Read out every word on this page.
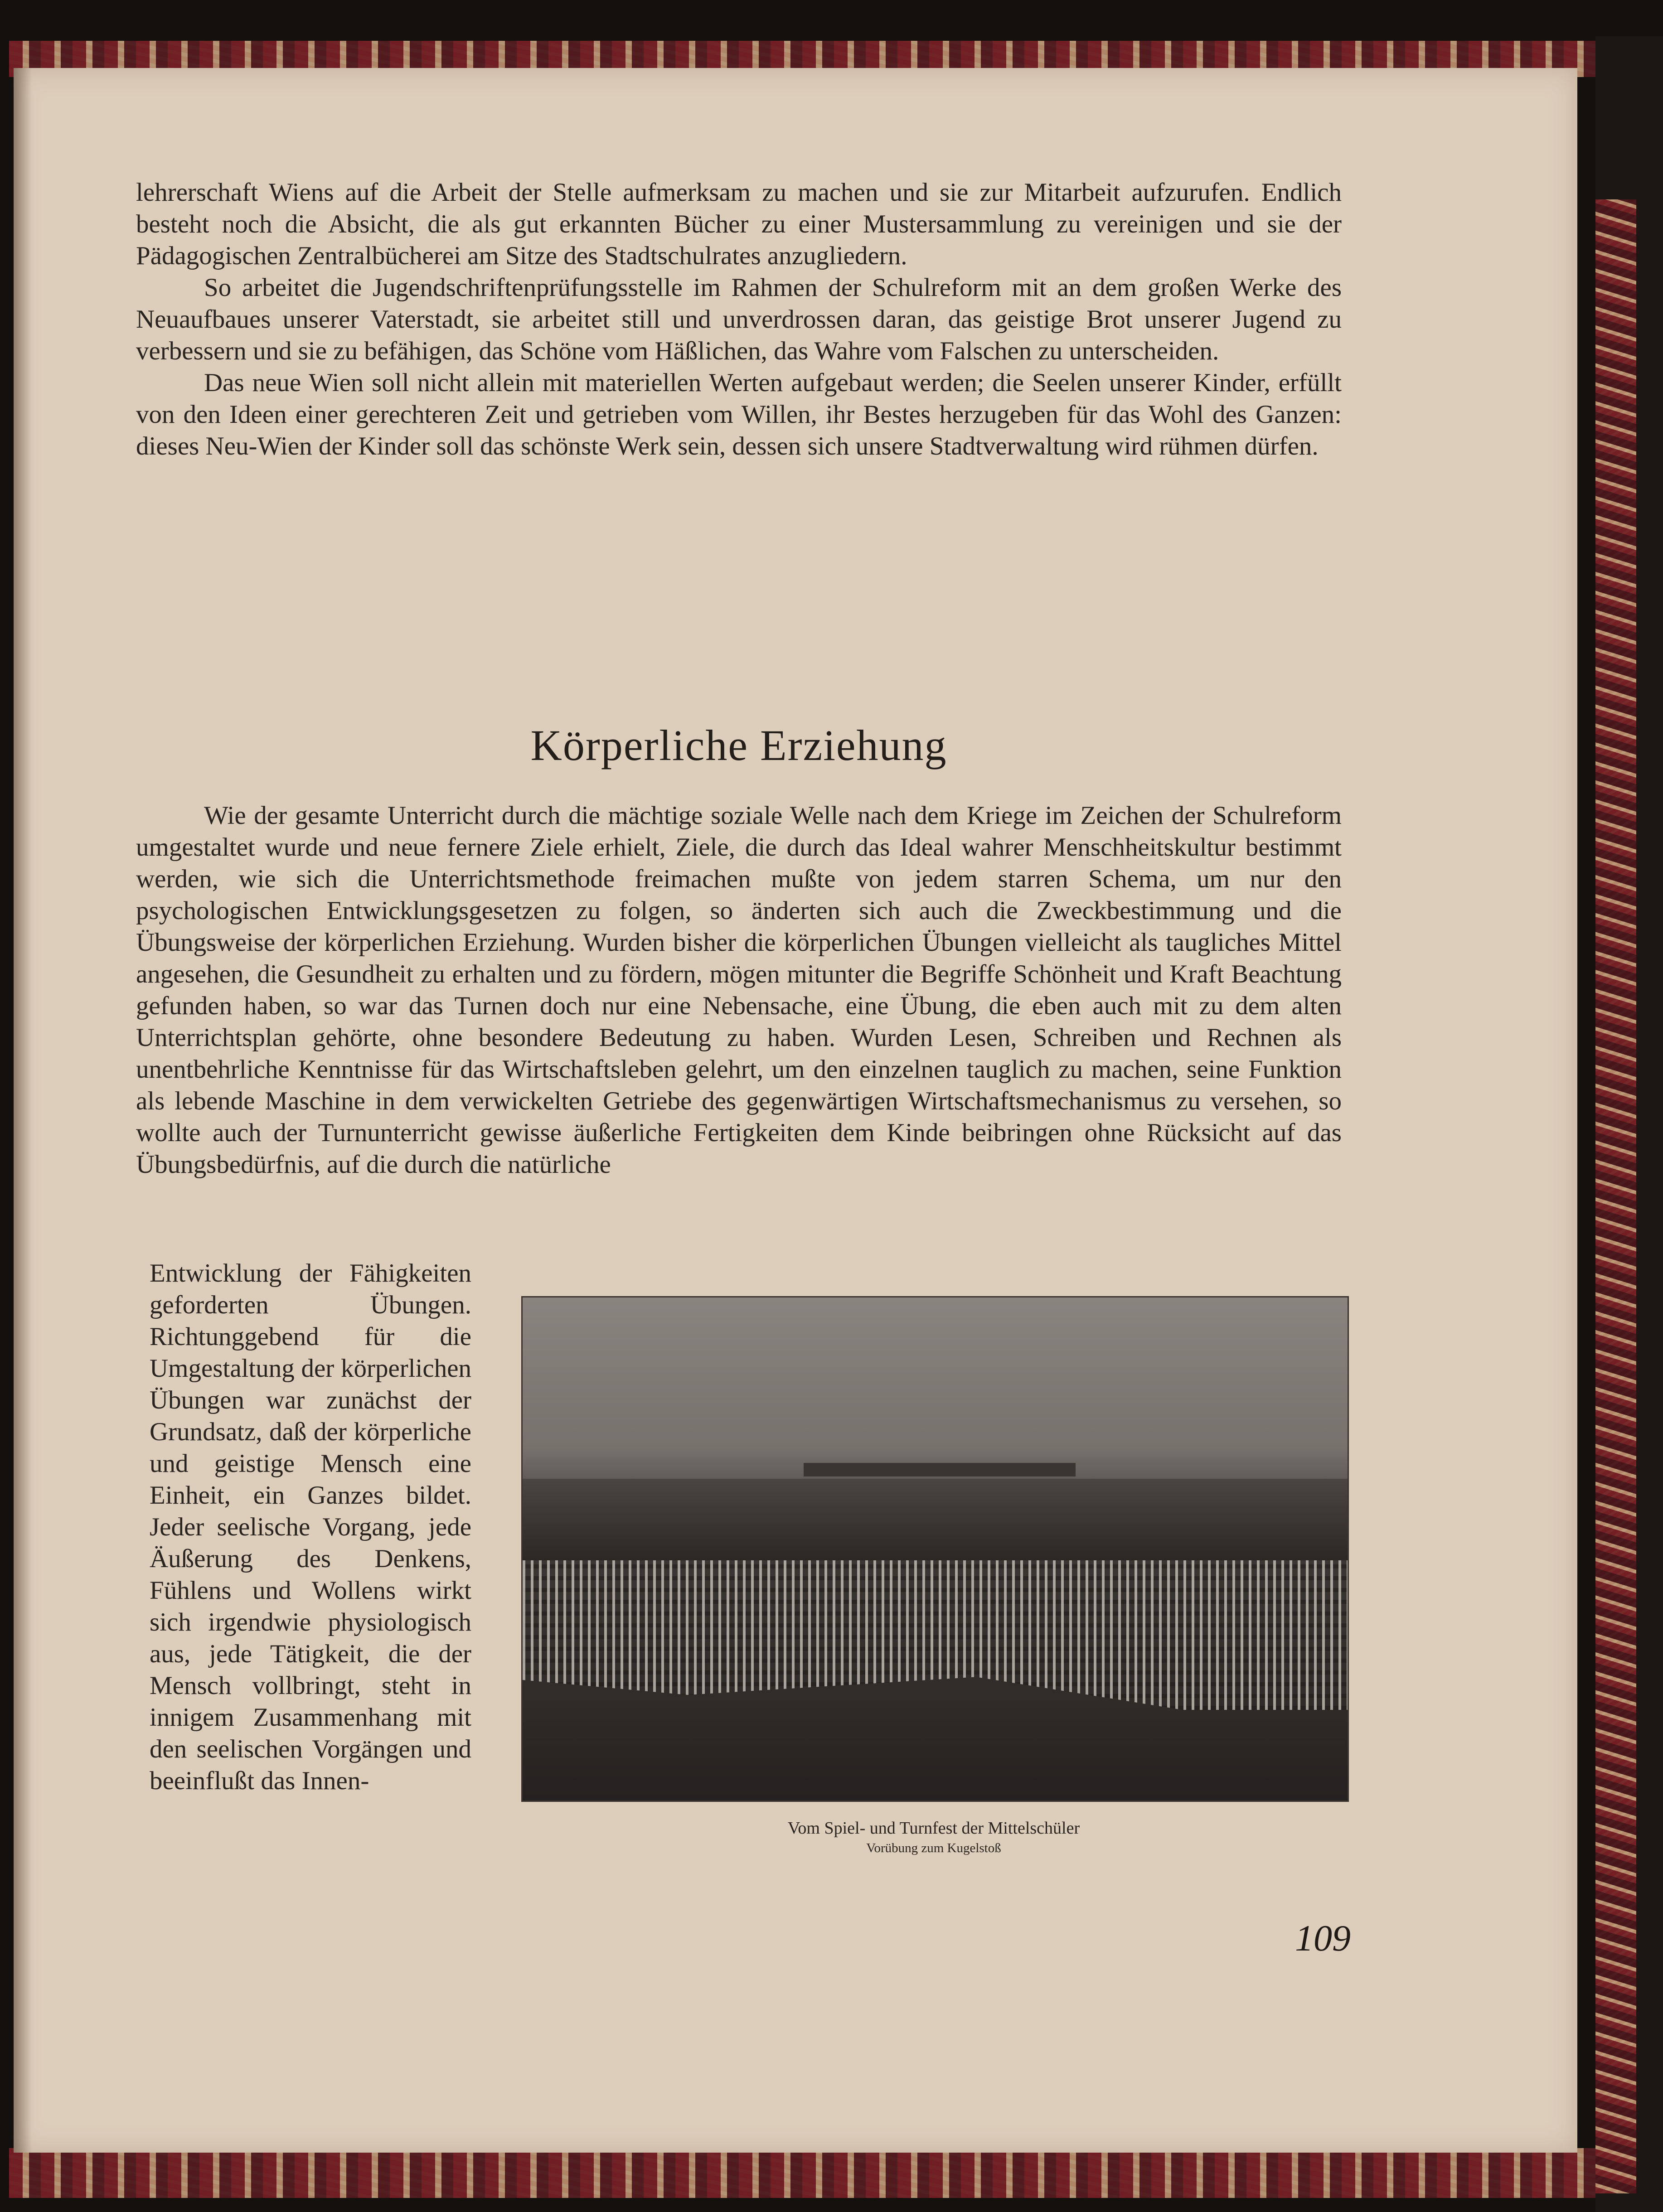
lehrerschaft Wiens auf die Arbeit der Stelle aufmerksam zu machen und sie zur Mitarbeit aufzurufen. Endlich besteht noch die Absicht, die als gut erkannten Bücher zu einer Mustersammlung zu vereinigen und sie der Pädagogischen Zentralbücherei am Sitze des Stadtschulrates anzugliedern.

So arbeitet die Jugendschriftenprüfungsstelle im Rahmen der Schulreform mit an dem großen Werke des Neuaufbaues unserer Vaterstadt, sie arbeitet still und unverdrossen daran, das geistige Brot unserer Jugend zu verbessern und sie zu befähigen, das Schöne vom Häßlichen, das Wahre vom Falschen zu unterscheiden.

Das neue Wien soll nicht allein mit materiellen Werten aufgebaut werden; die Seelen unserer Kinder, erfüllt von den Ideen einer gerechteren Zeit und getrieben vom Willen, ihr Bestes herzugeben für das Wohl des Ganzen: dieses Neu-Wien der Kinder soll das schönste Werk sein, dessen sich unsere Stadtverwaltung wird rühmen dürfen.

Körperliche Erziehung

Wie der gesamte Unterricht durch die mächtige soziale Welle nach dem Kriege im Zeichen der Schulreform umgestaltet wurde und neue fernere Ziele erhielt, Ziele, die durch das Ideal wahrer Menschheitskultur bestimmt werden, wie sich die Unterrichtsmethode freimachen mußte von jedem starren Schema, um nur den psychologischen Entwicklungsgesetzen zu folgen, so änderten sich auch die Zweckbestimmung und die Übungsweise der körperlichen Erziehung. Wurden bisher die körperlichen Übungen vielleicht als taugliches Mittel angesehen, die Gesundheit zu erhalten und zu fördern, mögen mitunter die Begriffe Schönheit und Kraft Beachtung gefunden haben, so war das Turnen doch nur eine Nebensache, eine Übung, die eben auch mit zu dem alten Unterrichtsplan gehörte, ohne besondere Bedeutung zu haben. Wurden Lesen, Schreiben und Rechnen als unentbehrliche Kenntnisse für das Wirtschaftsleben gelehrt, um den einzelnen tauglich zu machen, seine Funktion als lebende Maschine in dem verwickelten Getriebe des gegenwärtigen Wirtschaftsmechanismus zu versehen, so wollte auch der Turnunterricht gewisse äußerliche Fertigkeiten dem Kinde beibringen ohne Rücksicht auf das Übungsbedürfnis, auf die durch die natürliche

Entwicklung der Fähigkeiten geforderten Übungen. Richtunggebend für die Umgestaltung der körperlichen Übungen war zunächst der Grundsatz, daß der körperliche und geistige Mensch eine Einheit, ein Ganzes bildet. Jeder seelische Vorgang, jede Äußerung des Denkens, Fühlens und Wollens wirkt sich irgendwie physiologisch aus, jede Tätigkeit, die der Mensch vollbringt, steht in innigem Zusammenhang mit den seelischen Vorgängen und beeinflußt das Innen-

Vom Spiel- und Turnfest der Mittelschüler
Vorübung zum Kugelstoß
109
